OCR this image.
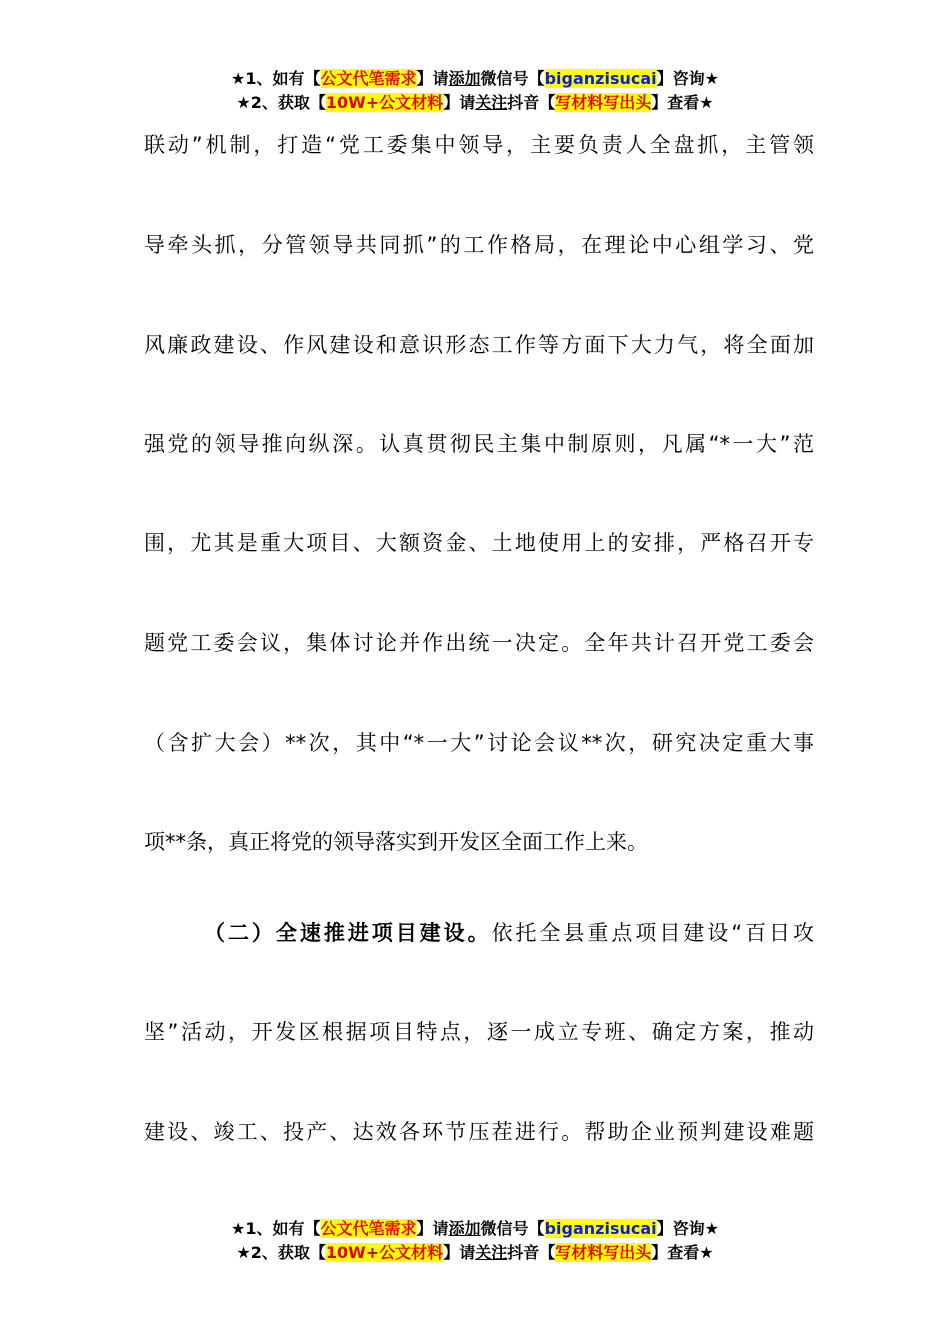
★1、如有【公文代笔需求】请添加微信号【biganzisucai】咨询★
★2、获取【10W+公文材料】请关注抖音【写材料写出头】查看★
联动”机制，打造“党工委集中领导，主要负责人全盘抓，主管领
导牵头抓，分管领导共同抓”的工作格局，在理论中心组学习、党
风廉政建设、作风建设和意识形态工作等方面下大力气，将全面加
强党的领导推向纵深。认真贯彻民主集中制原则，凡属“*一大”范
围，尤其是重大项目、大额资金、土地使用上的安排，严格召开专
题党工委会议，集体讨论并作出统一决定。全年共计召开党工委会
（含扩大会）**次，其中“*一大”讨论会议**次，研究决定重大事
项**条，真正将党的领导落实到开发区全面工作上来。
（二）全速推进项目建设。依托全县重点项目建设“百日攻
坚”活动，开发区根据项目特点，逐一成立专班、确定方案，推动
建设、竣工、投产、达效各环节压茬进行。帮助企业预判建设难题
★1、如有【公文代笔需求】请添加微信号【biganzisucai】咨询★
★2、获取【10W+公文材料】请关注抖音【写材料写出头】查看★
